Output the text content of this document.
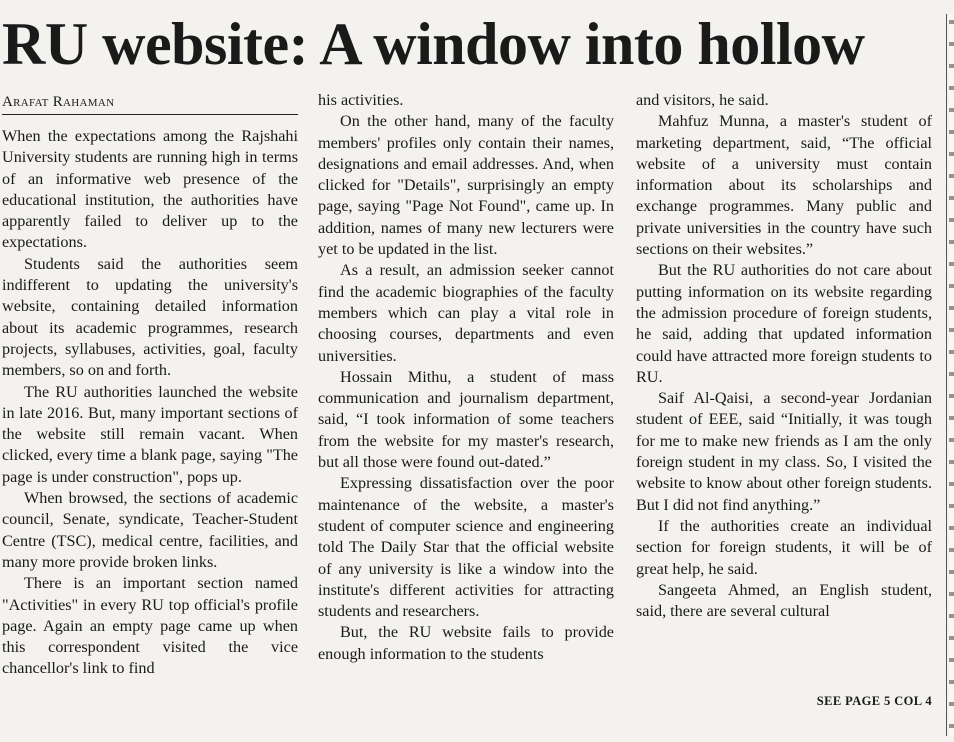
RU website: A window into hollow
Arafat Rahaman

When the expectations among the Rajshahi University students are running high in terms of an informative web presence of the educational institution, the authorities have apparently failed to deliver up to the expectations.

Students said the authorities seem indifferent to updating the university's website, containing detailed information about its academic programmes, research projects, syllabuses, activities, goal, faculty members, so on and forth.

The RU authorities launched the website in late 2016. But, many important sections of the website still remain vacant. When clicked, every time a blank page, saying "The page is under construction", pops up.

When browsed, the sections of academic council, Senate, syndicate, Teacher-Student Centre (TSC), medical centre, facilities, and many more provide broken links.

There is an important section named "Activities" in every RU top official's profile page. Again an empty page came up when this correspondent visited the vice chancellor's link to find

his activities.

On the other hand, many of the faculty members' profiles only contain their names, designations and email addresses. And, when clicked for "Details", surprisingly an empty page, saying "Page Not Found", came up. In addition, names of many new lecturers were yet to be updated in the list.

As a result, an admission seeker cannot find the academic biographies of the faculty members which can play a vital role in choosing courses, departments and even universities.

Hossain Mithu, a student of mass communication and journalism department, said, “I took information of some teachers from the website for my master's research, but all those were found out-dated.”

Expressing dissatisfaction over the poor maintenance of the website, a master's student of computer science and engineering told The Daily Star that the official website of any university is like a window into the institute's different activities for attracting students and researchers.

But, the RU website fails to provide enough information to the students

and visitors, he said.

Mahfuz Munna, a master's student of marketing department, said, “The official website of a university must contain information about its scholarships and exchange programmes. Many public and private universities in the country have such sections on their websites.”

But the RU authorities do not care about putting information on its website regarding the admission procedure of foreign students, he said, adding that updated information could have attracted more foreign students to RU.

Saif Al-Qaisi, a second-year Jordanian student of EEE, said “Initially, it was tough for me to make new friends as I am the only foreign student in my class. So, I visited the website to know about other foreign students. But I did not find anything.”

If the authorities create an individual section for foreign students, it will be of great help, he said.

Sangeeta Ahmed, an English student, said, there are several cultural

SEE PAGE 5 COL 4
